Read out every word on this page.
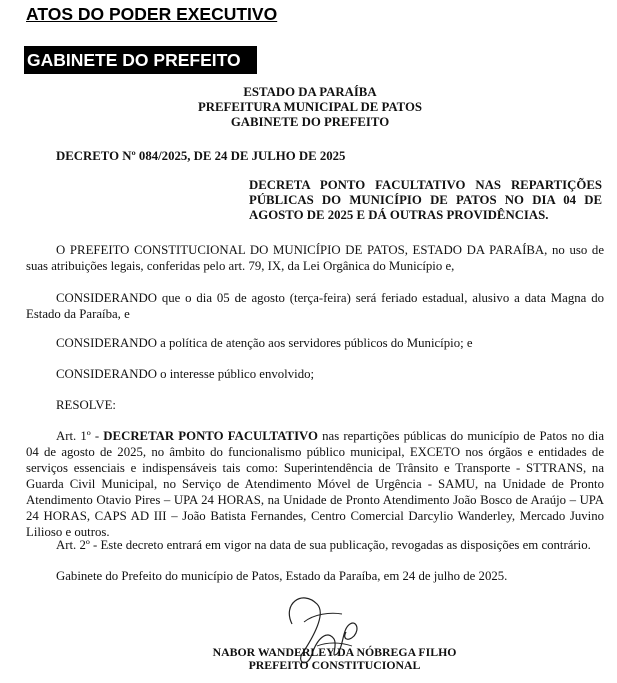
ATOS DO PODER EXECUTIVO
GABINETE DO PREFEITO
ESTADO DA PARAÍBA
PREFEITURA MUNICIPAL DE PATOS
GABINETE DO PREFEITO
DECRETO Nº 084/2025, DE 24 DE JULHO DE 2025
DECRETA PONTO FACULTATIVO NAS REPARTIÇÕES PÚBLICAS DO MUNICÍPIO DE PATOS NO DIA 04 DE AGOSTO DE 2025 E DÁ OUTRAS PROVIDÊNCIAS.
O PREFEITO CONSTITUCIONAL DO MUNICÍPIO DE PATOS, ESTADO DA PARAÍBA, no uso de suas atribuições legais, conferidas pelo art. 79, IX, da Lei Orgânica do Município e,
CONSIDERANDO que o dia 05 de agosto (terça-feira) será feriado estadual, alusivo a data Magna do Estado da Paraíba, e
CONSIDERANDO a política de atenção aos servidores públicos do Município; e
CONSIDERANDO o interesse público envolvido;
RESOLVE:
Art. 1º - DECRETAR PONTO FACULTATIVO nas repartições públicas do município de Patos no dia 04 de agosto de 2025, no âmbito do funcionalismo público municipal, EXCETO nos órgãos e entidades de serviços essenciais e indispensáveis tais como: Superintendência de Trânsito e Transporte - STTRANS, na Guarda Civil Municipal, no Serviço de Atendimento Móvel de Urgência - SAMU, na Unidade de Pronto Atendimento Otavio Pires – UPA 24 HORAS, na Unidade de Pronto Atendimento João Bosco de Araújo – UPA 24 HORAS, CAPS AD III – João Batista Fernandes, Centro Comercial Darcylio Wanderley, Mercado Juvino Lilioso e outros.
Art. 2º - Este decreto entrará em vigor na data de sua publicação, revogadas as disposições em contrário.
Gabinete do Prefeito do município de Patos, Estado da Paraíba, em 24 de julho de 2025.
NABOR WANDERLEY DA NÓBREGA FILHO
PREFEITO CONSTITUCIONAL
